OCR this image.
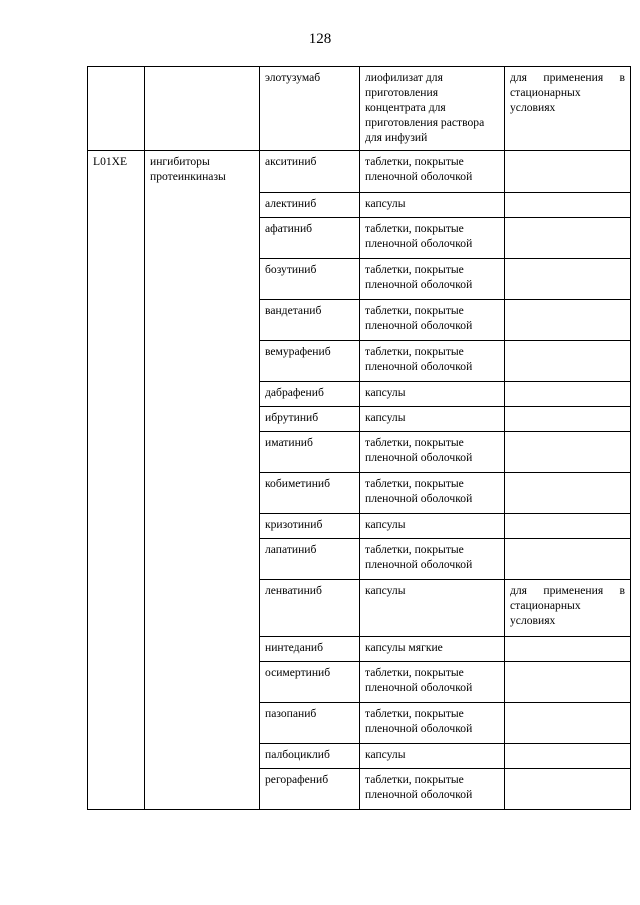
128
		элотузумаб	лиофилизат для приготовления концентрата для приготовления раствора для инфузий	для применения в стационарных условиях
L01XE	ингибиторы протеинкиназы	акситиниб	таблетки, покрытые пленочной оболочкой	
		алектиниб	капсулы	
		афатиниб	таблетки, покрытые пленочной оболочкой	
		бозутиниб	таблетки, покрытые пленочной оболочкой	
		вандетаниб	таблетки, покрытые пленочной оболочкой	
		вемурафениб	таблетки, покрытые пленочной оболочкой	
		дабрафениб	капсулы	
		ибрутиниб	капсулы	
		иматиниб	таблетки, покрытые пленочной оболочкой	
		кобиметиниб	таблетки, покрытые пленочной оболочкой	
		кризотиниб	капсулы	
		лапатиниб	таблетки, покрытые пленочной оболочкой	
		ленватиниб	капсулы	для применения в стационарных условиях
		нинтеданиб	капсулы мягкие	
		осимертиниб	таблетки, покрытые пленочной оболочкой	
		пазопаниб	таблетки, покрытые пленочной оболочкой	
		палбоциклиб	капсулы	
		регорафениб	таблетки, покрытые пленочной оболочкой	
